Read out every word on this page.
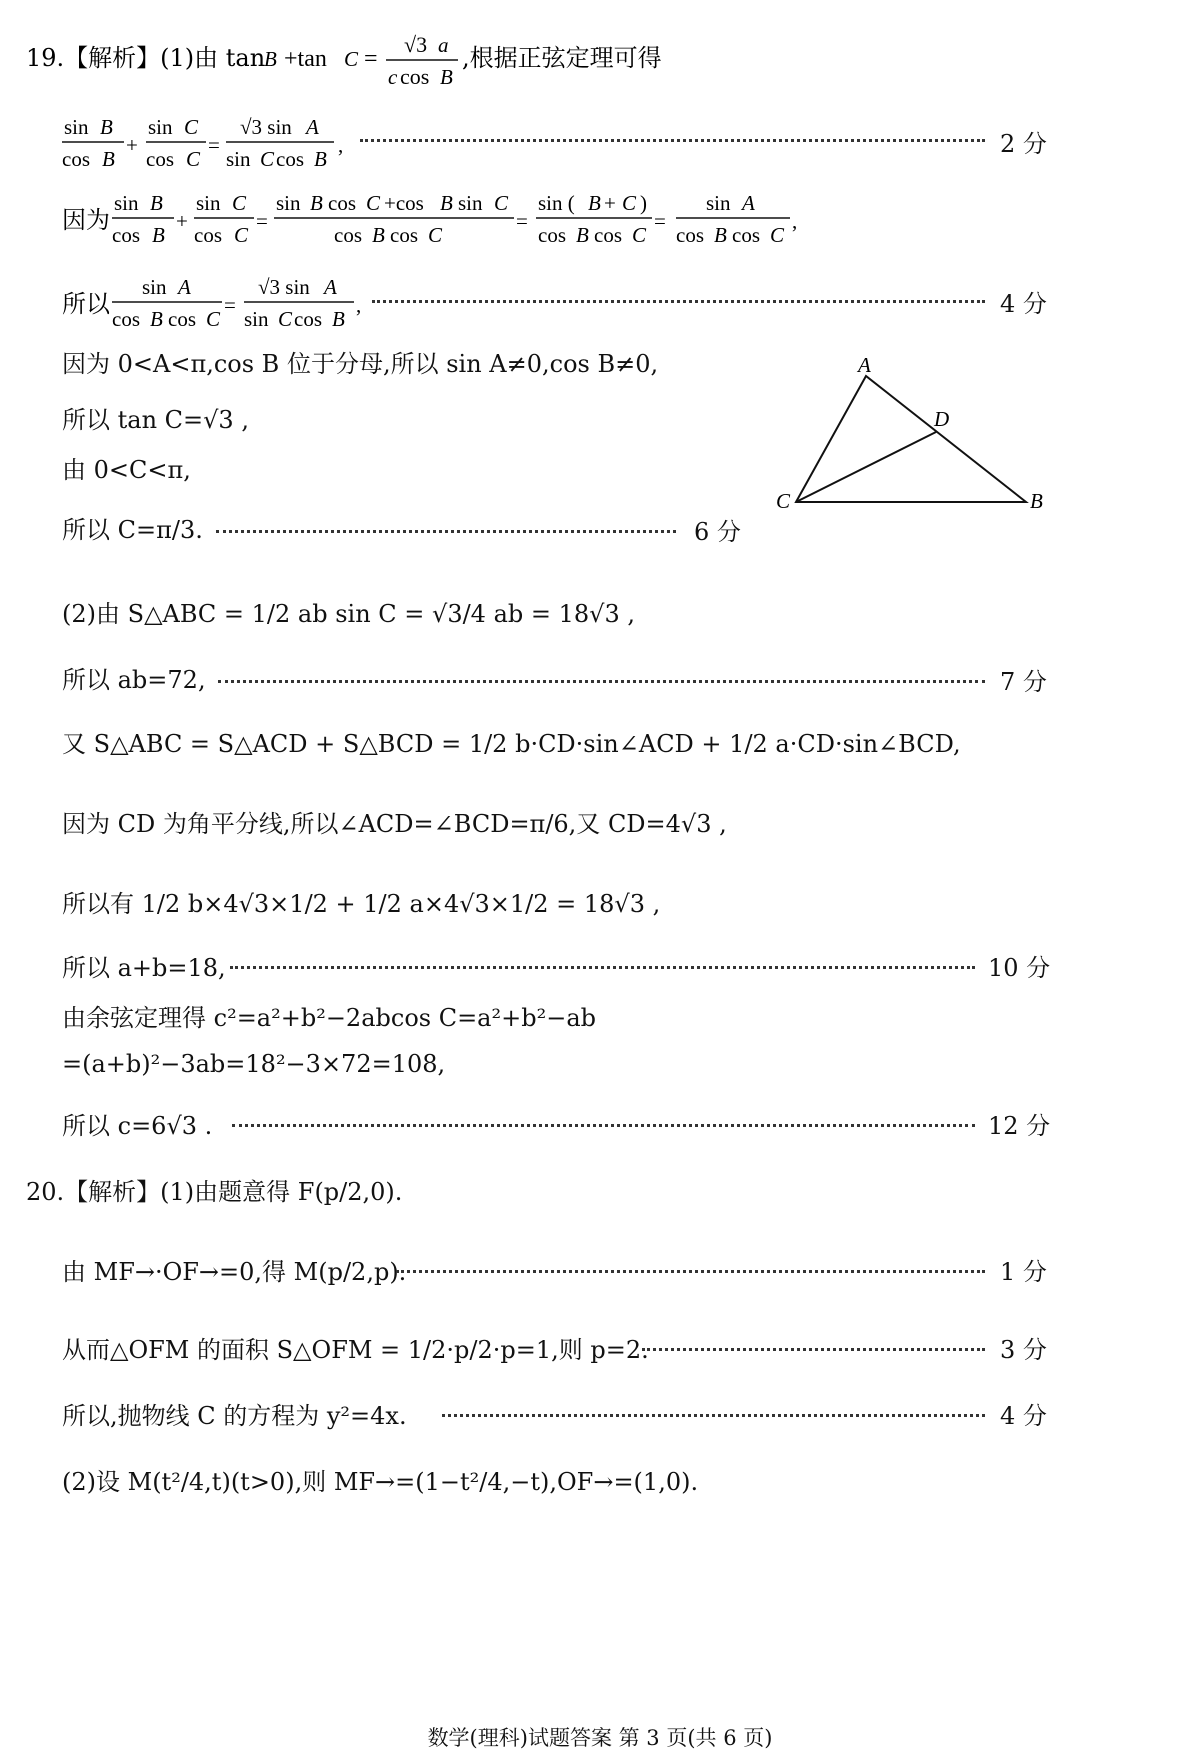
19.【解析】(1)由 tan
B +tan C =
√3 a
c cos B
,根据正弦定理可得
sin B
cos B
+
sin C
cos C
=
√3 sin A
sin C cos B
,	2 分
因为
sin B
cos B
+
sin C
cos C
=
sin B cos C +cos B sin C
cos B cos C
=
sin ( B + C )
cos B cos C
=
sin A
cos B cos C
,
所以
sin A
cos B cos C
=
√3 sin A
sin C cos B
,	4 分
因为 0<A<π,cos B 位于分母,所以 sin A≠0,cos B≠0,
所以 tan C=√3 ,
由 0<C<π,
所以 C=π/3.	6 分
A
C	B
D
(2)由 S△ABC = 1/2 ab sin C = √3/4 ab = 18√3 ,
所以 ab=72,	7 分
又 S△ABC = S△ACD + S△BCD = 1/2 b·CD·sin∠ACD + 1/2 a·CD·sin∠BCD,
因为 CD 为角平分线,所以∠ACD=∠BCD=π/6,又 CD=4√3 ,
所以有 1/2 b×4√3×1/2 + 1/2 a×4√3×1/2 = 18√3 ,
所以 a+b=18,	10 分
由余弦定理得 c²=a²+b²−2abcos C=a²+b²−ab
=(a+b)²−3ab=18²−3×72=108,
所以 c=6√3 .	12 分
20.【解析】(1)由题意得 F(p/2,0).
由 MF→·OF→=0,得 M(p/2,p).	1 分
从而△OFM 的面积 S△OFM = 1/2·p/2·p=1,则 p=2.	3 分
所以,抛物线 C 的方程为 y²=4x.	4 分
(2)设 M(t²/4,t)(t>0),则 MF→=(1−t²/4,−t),OF→=(1,0).
数学(理科)试题答案 第 3 页(共 6 页)
